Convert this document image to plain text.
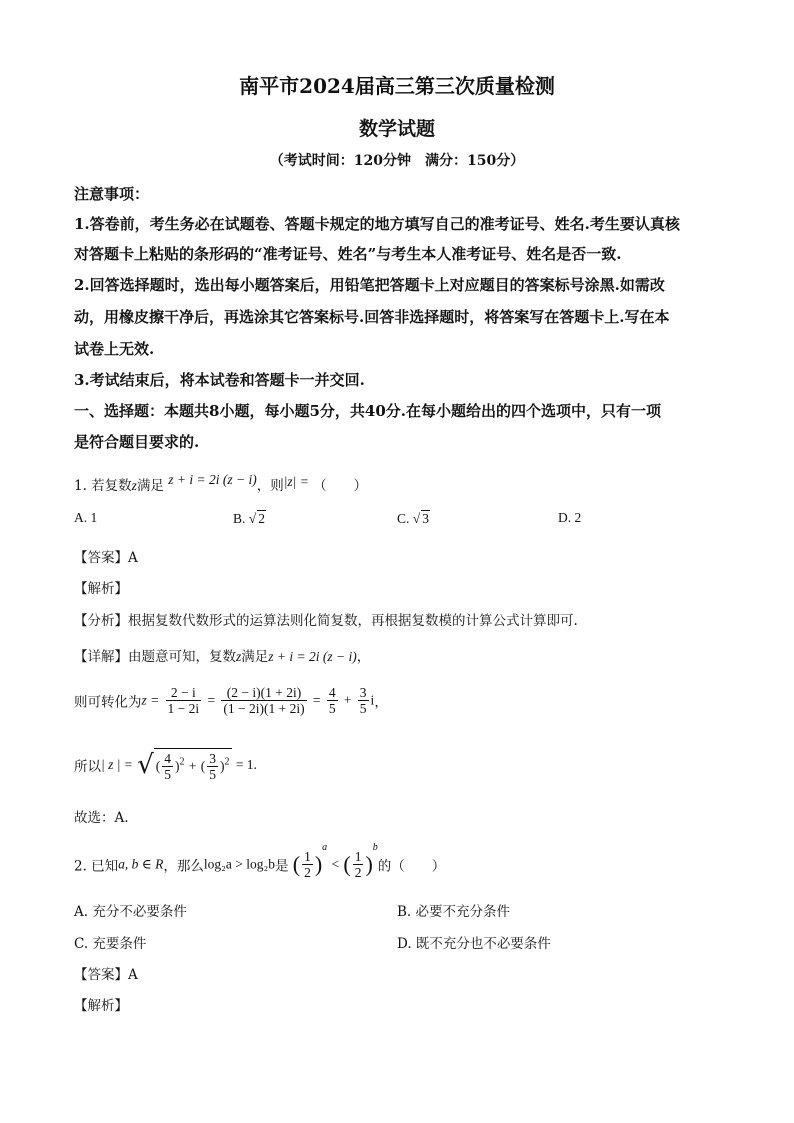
南平市2024届高三第三次质量检测
数学试题
（考试时间：120分钟　满分：150分）
注意事项：
1.答卷前，考生务必在试题卷、答题卡规定的地方填写自己的准考证号、姓名.考生要认真核
对答题卡上粘贴的条形码的“准考证号、姓名”与考生本人准考证号、姓名是否一致.
2.回答选择题时，选出每小题答案后，用铅笔把答题卡上对应题目的答案标号涂黑.如需改
动，用橡皮擦干净后，再选涂其它答案标号.回答非选择题时，将答案写在答题卡上.写在本
试卷上无效.
3.考试结束后，将本试卷和答题卡一并交回.
一、选择题：本题共8小题，每小题5分，共40分.在每小题给出的四个选项中，只有一项
是符合题目要求的.
1. 若复数z满足 z + i = 2i (z − i)，则|z| = （　　）
A. 1	B. √ 2	C. √ 3	D. 2
【答案】A
【解析】
【分析】根据复数代数形式的运算法则化简复数，再根据复数模的计算公式计算即可.
【详解】由题意可知，复数z满足z + i = 2i (z − i)，
则可转化为$z = \frac{2 - i}{1 - 2i} = \frac{(2 - i)(1 + 2i)}{(1 - 2i)(1 + 2i)} = \frac{4}{5} + \frac{3}{5}$ i，
所以| z | = √ ( $\frac{4}{5} )^2$ + ( $\frac{3}{5} )^2 = 1$.
故选：A.
2. 已知a, b ∈ R，那么log₂a > log₂b是 ( $\frac{1}{2} )^a$ < ( $\frac{1}{2} )^b$的（　　）
A. 充分不必要条件	B. 必要不充分条件
C. 充要条件	D. 既不充分也不必要条件
【答案】A
【解析】
